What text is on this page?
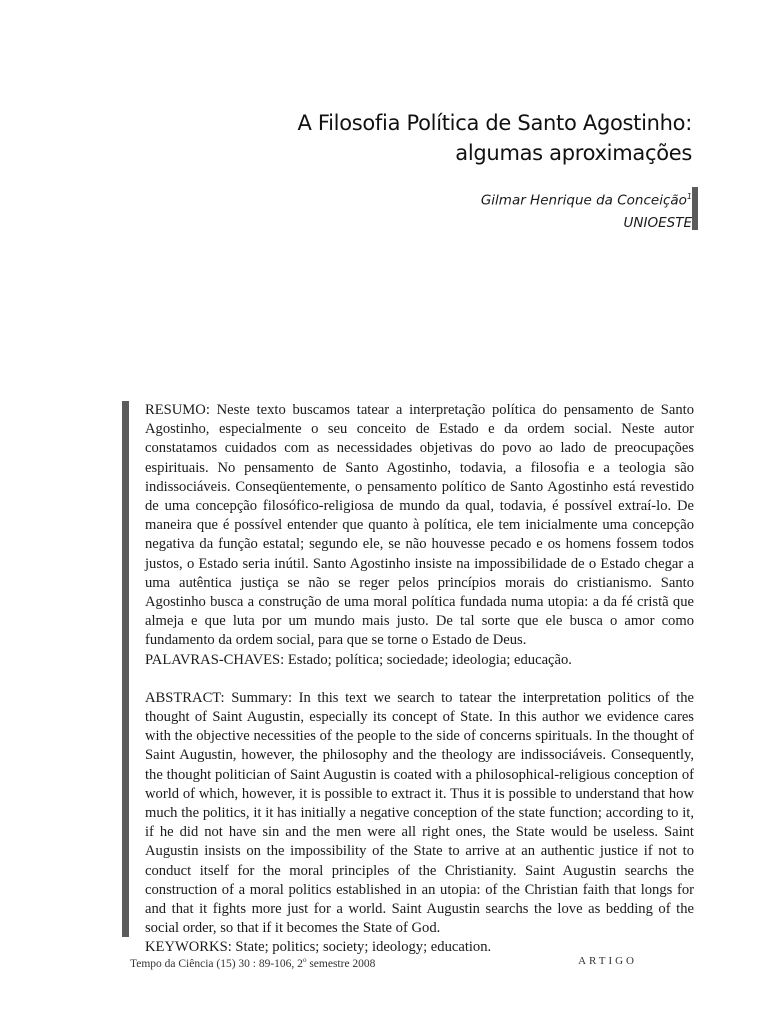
A Filosofia Política de Santo Agostinho:
algumas aproximações
Gilmar Henrique da Conceição$^1$
UNIOESTE

RESUMO: Neste texto buscamos tatear a interpretação política do pensamento de Santo Agostinho, especialmente o seu conceito de Estado e da ordem social. Neste autor constatamos cuidados com as necessidades objetivas do povo ao lado de preocupações espirituais. No pensamento de Santo Agostinho, todavia, a filosofia e a teologia são indissociáveis. Conseqüentemente, o pensamento político de Santo Agostinho está revestido de uma concepção filosófico-religiosa de mundo da qual, todavia, é possível extraí-lo. De maneira que é possível entender que quanto à política, ele tem inicialmente uma concepção negativa da função estatal; segundo ele, se não houvesse pecado e os homens fossem todos justos, o Estado seria inútil. Santo Agostinho insiste na impossibilidade de o Estado chegar a uma autêntica justiça se não se reger pelos princípios morais do cristianismo. Santo Agostinho busca a construção de uma moral política fundada numa utopia: a da fé cristã que almeja e que luta por um mundo mais justo. De tal sorte que ele busca o amor como fundamento da ordem social, para que se torne o Estado de Deus.

PALAVRAS-CHAVES: Estado; política; sociedade; ideologia; educação.

ABSTRACT: Summary: In this text we search to tatear the interpretation politics of the thought of Saint Augustin, especially its concept of State. In this author we evidence cares with the objective necessities of the people to the side of concerns spirituals. In the thought of Saint Augustin, however, the philosophy and the theology are indissociáveis. Consequently, the thought politician of Saint Augustin is coated with a philosophical-religious conception of world of which, however, it is possible to extract it. Thus it is possible to understand that how much the politics, it it has initially a negative conception of the state function; according to it, if he did not have sin and the men were all right ones, the State would be useless. Saint Augustin insists on the impossibility of the State to arrive at an authentic justice if not to conduct itself for the moral principles of the Christianity. Saint Augustin searchs the construction of a moral politics established in an utopia: of the Christian faith that longs for and that it fights more just for a world. Saint Augustin searchs the love as bedding of the social order, so that if it becomes the State of God.

KEYWORKS: State; politics; society; ideology; education.

Tempo da Ciência (15) 30 : 89-106, 2$^o$ semestre 2008	ARTIGO
